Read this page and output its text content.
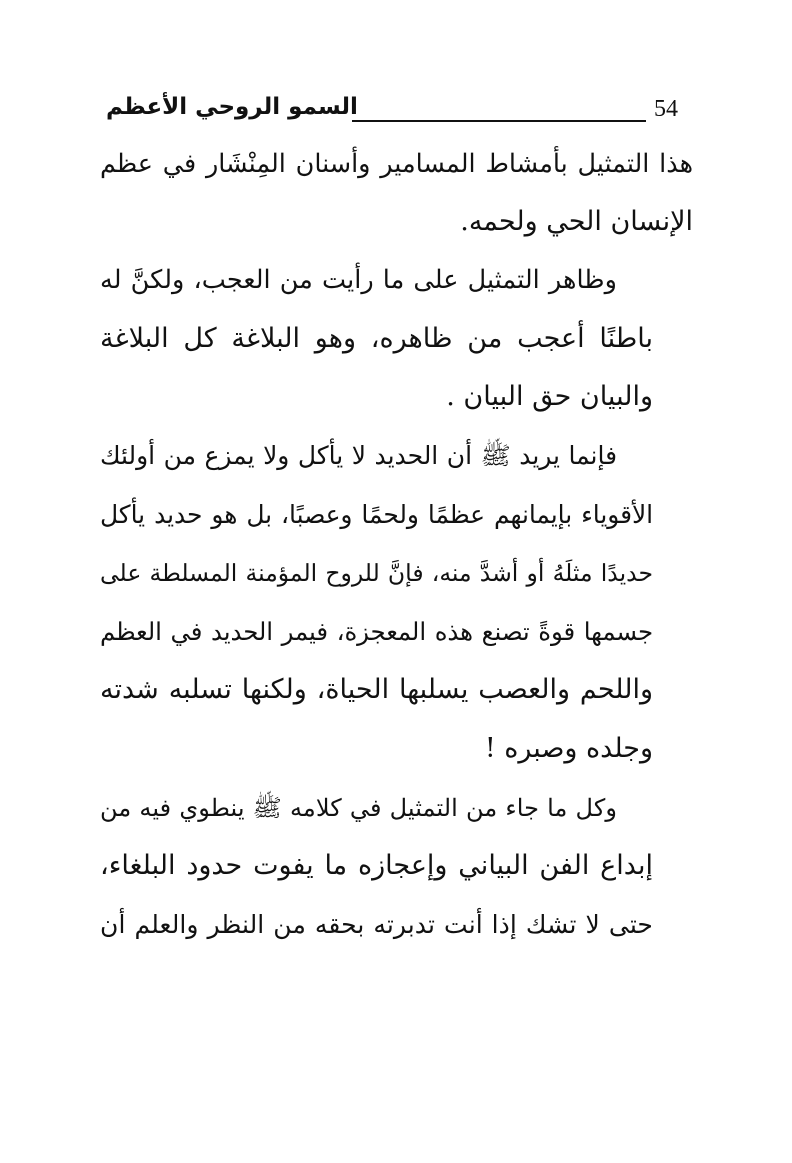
السمو الروحي الأعظم	54

هذا التمثيل بأمشاط المسامير وأسنان المِنْشَار في عظم
الإنسان الحي ولحمه.

وظاهر التمثيل على ما رأيت من العجب، ولكنَّ له
باطنًا أعجب من ظاهره، وهو البلاغة كل البلاغة
والبيان حق البيان .

فإنما يريد ﷺ أن الحديد لا يأكل ولا يمزع من أولئك
الأقوياء بإيمانهم عظمًا ولحمًا وعصبًا، بل هو حديد يأكل
حديدًا مثلَهُ أو أشدَّ منه، فإنَّ للروح المؤمنة المسلطة على
جسمها قوةً تصنع هذه المعجزة، فيمر الحديد في العظم
واللحم والعصب يسلبها الحياة، ولكنها تسلبه شدته
وجلده وصبره !

وكل ما جاء من التمثيل في كلامه ﷺ ينطوي فيه من
إبداع الفن البياني وإعجازه ما يفوت حدود البلغاء،
حتى لا تشك إذا أنت تدبرته بحقه من النظر والعلم أن
